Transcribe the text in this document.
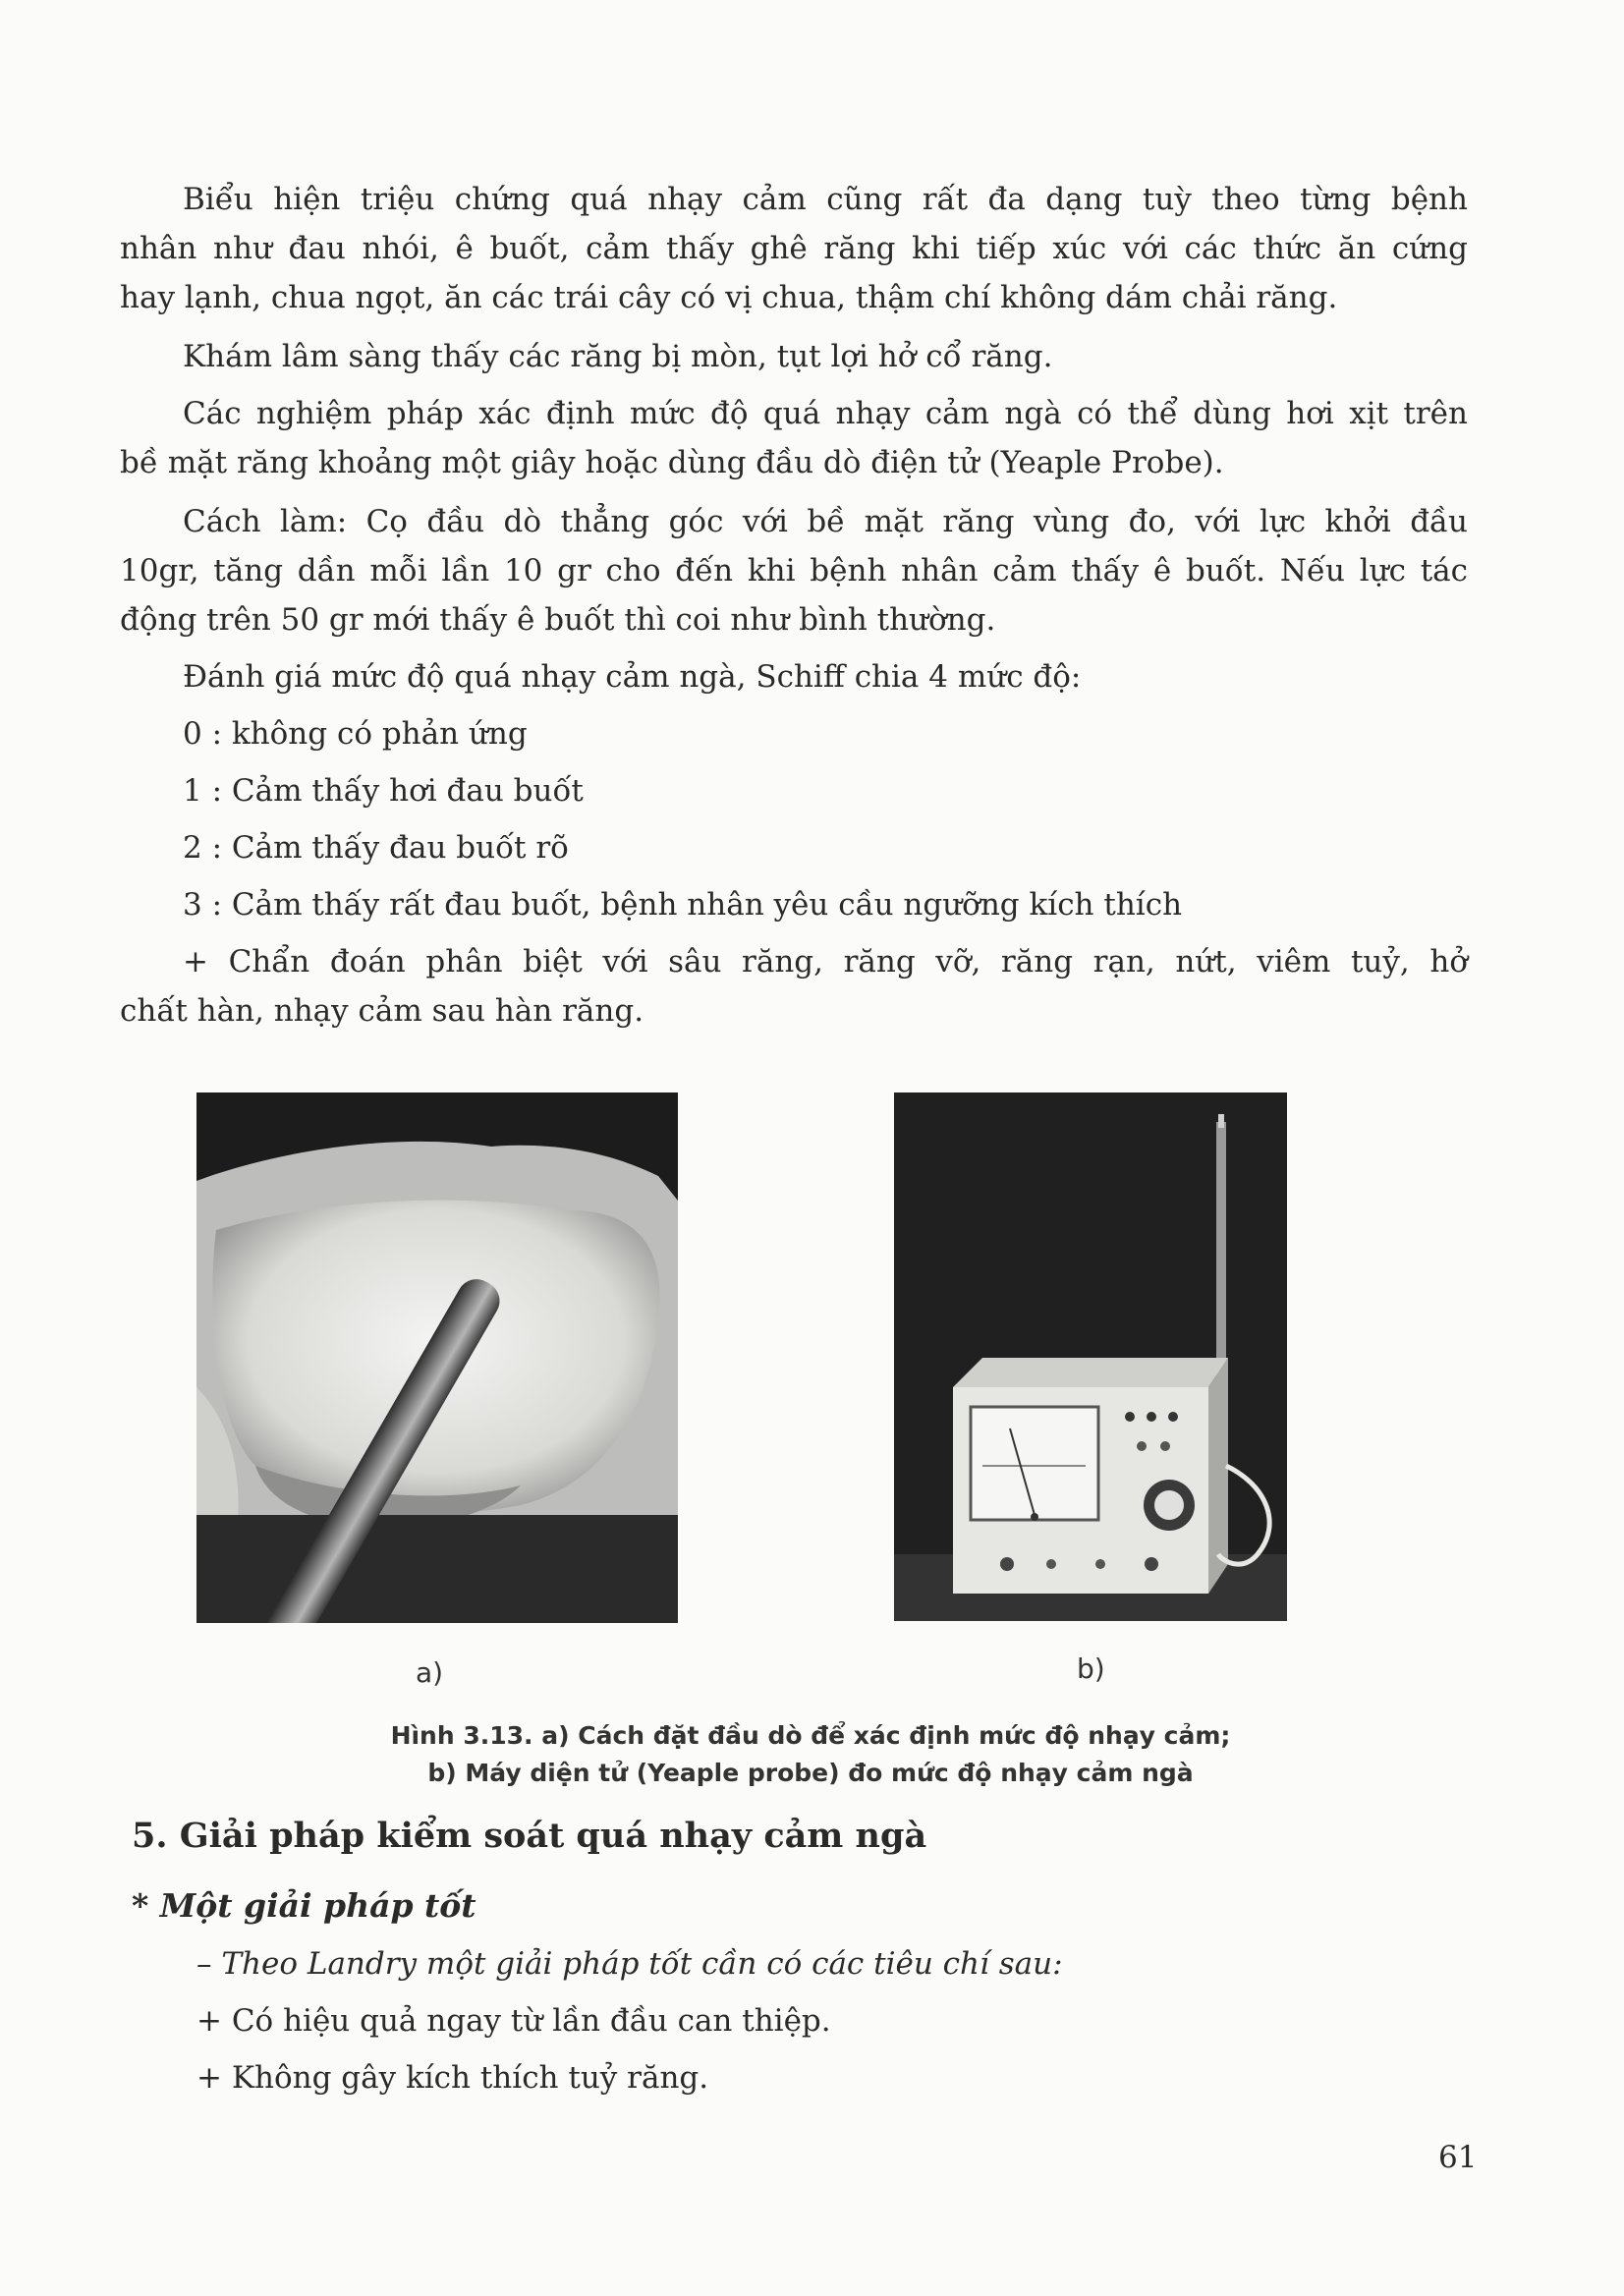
Biểu hiện triệu chứng quá nhạy cảm cũng rất đa dạng tuỳ theo từng bệnh

nhân như đau nhói, ê buốt, cảm thấy ghê răng khi tiếp xúc với các thức ăn cứng

hay lạnh, chua ngọt, ăn các trái cây có vị chua, thậm chí không dám chải răng.

Khám lâm sàng thấy các răng bị mòn, tụt lợi hở cổ răng.

Các nghiệm pháp xác định mức độ quá nhạy cảm ngà có thể dùng hơi xịt trên

bề mặt răng khoảng một giây hoặc dùng đầu dò điện tử (Yeaple Probe).

Cách làm: Cọ đầu dò thẳng góc với bề mặt răng vùng đo, với lực khởi đầu

10gr, tăng dần mỗi lần 10 gr cho đến khi bệnh nhân cảm thấy ê buốt. Nếu lực tác

động trên 50 gr mới thấy ê buốt thì coi như bình thường.

Đánh giá mức độ quá nhạy cảm ngà, Schiff chia 4 mức độ:

0 : không có phản ứng

1 : Cảm thấy hơi đau buốt

2 : Cảm thấy đau buốt rõ

3 : Cảm thấy rất đau buốt, bệnh nhân yêu cầu ngưỡng kích thích

+ Chẩn đoán phân biệt với sâu răng, răng vỡ, răng rạn, nứt, viêm tuỷ, hở

chất hàn, nhạy cảm sau hàn răng.

a)	b)
Hình 3.13. a) Cách đặt đầu dò để xác định mức độ nhạy cảm;
b) Máy diện tử (Yeaple probe) đo mức độ nhạy cảm ngà
5. Giải pháp kiểm soát quá nhạy cảm ngà
* Một giải pháp tốt

– Theo Landry một giải pháp tốt cần có các tiêu chí sau:

+ Có hiệu quả ngay từ lần đầu can thiệp.

+ Không gây kích thích tuỷ răng.

61
